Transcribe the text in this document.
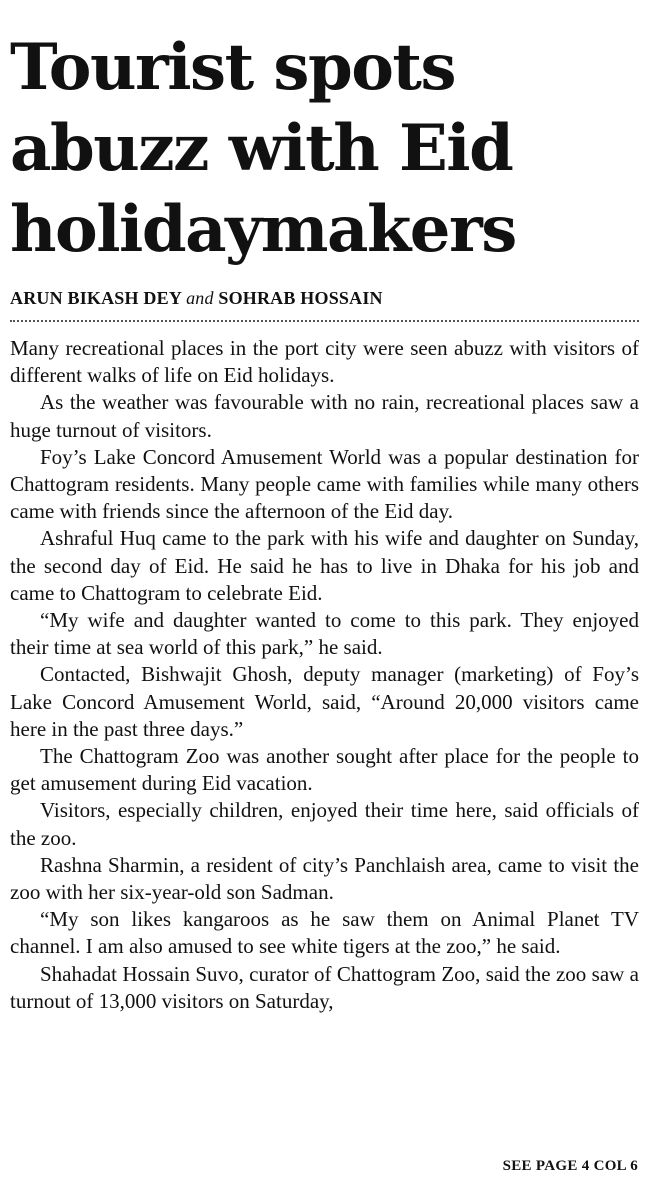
Tourist spots
abuzz with Eid
holidaymakers
ARUN BIKASH DEY and SOHRAB HOSSAIN

Many recreational places in the port city were seen abuzz with visitors of different walks of life on Eid holidays.

As the weather was favourable with no rain, recreational places saw a huge turnout of visitors.

Foy’s Lake Concord Amusement World was a popular destination for Chattogram residents. Many people came with families while many others came with friends since the afternoon of the Eid day.

Ashraful Huq came to the park with his wife and daughter on Sunday, the second day of Eid. He said he has to live in Dhaka for his job and came to Chattogram to celebrate Eid.

“My wife and daughter wanted to come to this park. They enjoyed their time at sea world of this park,” he said.

Contacted, Bishwajit Ghosh, deputy manager (marketing) of Foy’s Lake Concord Amusement World, said, “Around 20,000 visitors came here in the past three days.”

The Chattogram Zoo was another sought after place for the people to get amusement during Eid vacation.

Visitors, especially children, enjoyed their time here, said officials of the zoo.

Rashna Sharmin, a resident of city’s Panchlaish area, came to visit the zoo with her six-year-old son Sadman.

“My son likes kangaroos as he saw them on Animal Planet TV channel. I am also amused to see white tigers at the zoo,” he said.

Shahadat Hossain Suvo, curator of Chattogram Zoo, said the zoo saw a turnout of 13,000 visitors on Saturday,

SEE PAGE 4 COL 6
